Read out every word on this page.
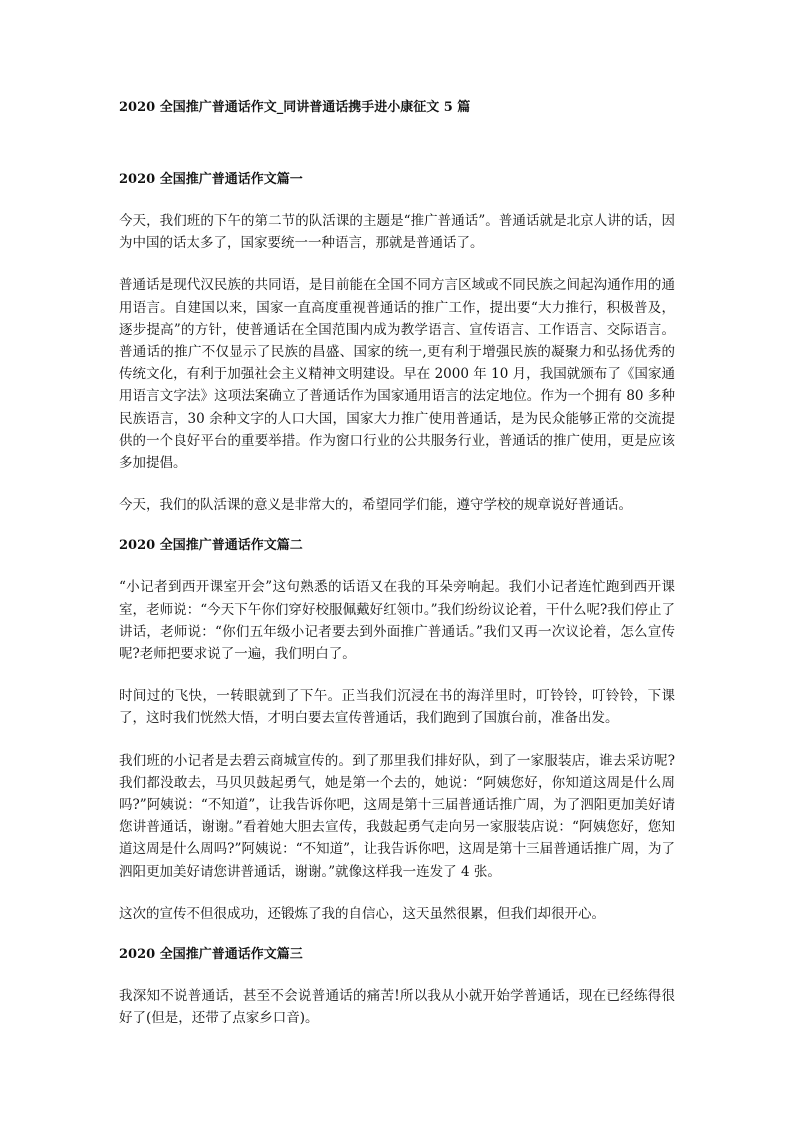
2020 全国推广普通话作文_同讲普通话携手进小康征文 5 篇
2020 全国推广普通话作文篇一
今天，我们班的下午的第二节的队活课的主题是“推广普通话”。普通话就是北京人讲的话，因为中国的话太多了，国家要统一一种语言，那就是普通话了。
普通话是现代汉民族的共同语，是目前能在全国不同方言区域或不同民族之间起沟通作用的通用语言。自建国以来，国家一直高度重视普通话的推广工作，提出要“大力推行，积极普及，逐步提高”的方针，使普通话在全国范围内成为教学语言、宣传语言、工作语言、交际语言。普通话的推广不仅显示了民族的昌盛、国家的统一,更有利于增强民族的凝聚力和弘扬优秀的传统文化，有利于加强社会主义精神文明建设。早在 2000 年 10 月，我国就颁布了《国家通用语言文字法》这项法案确立了普通话作为国家通用语言的法定地位。作为一个拥有 80 多种民族语言，30 余种文字的人口大国，国家大力推广使用普通话，是为民众能够正常的交流提供的一个良好平台的重要举措。作为窗口行业的公共服务行业，普通话的推广使用，更是应该多加提倡。
今天，我们的队活课的意义是非常大的，希望同学们能，遵守学校的规章说好普通话。
2020 全国推广普通话作文篇二
“小记者到西开课室开会”这句熟悉的话语又在我的耳朵旁响起。我们小记者连忙跑到西开课室，老师说：“今天下午你们穿好校服佩戴好红领巾。”我们纷纷议论着，干什么呢?我们停止了讲话，老师说：“你们五年级小记者要去到外面推广普通话。”我们又再一次议论着，怎么宣传呢?老师把要求说了一遍，我们明白了。
时间过的飞快，一转眼就到了下午。正当我们沉浸在书的海洋里时，叮铃铃，叮铃铃，下课了，这时我们恍然大悟，才明白要去宣传普通话，我们跑到了国旗台前，准备出发。
我们班的小记者是去碧云商城宣传的。到了那里我们排好队，到了一家服装店，谁去采访呢?我们都没敢去，马贝贝鼓起勇气，她是第一个去的，她说：“阿姨您好，你知道这周是什么周吗?”阿姨说：“不知道”，让我告诉你吧，这周是第十三届普通话推广周，为了泗阳更加美好请您讲普通话，谢谢。”看着她大胆去宣传，我鼓起勇气走向另一家服装店说：“阿姨您好，您知道这周是什么周吗?”阿姨说：“不知道”，让我告诉你吧，这周是第十三届普通话推广周，为了泗阳更加美好请您讲普通话，谢谢。”就像这样我一连发了 4 张。
这次的宣传不但很成功，还锻炼了我的自信心，这天虽然很累，但我们却很开心。
2020 全国推广普通话作文篇三
我深知不说普通话，甚至不会说普通话的痛苦!所以我从小就开始学普通话，现在已经练得很好了(但是，还带了点家乡口音)。
